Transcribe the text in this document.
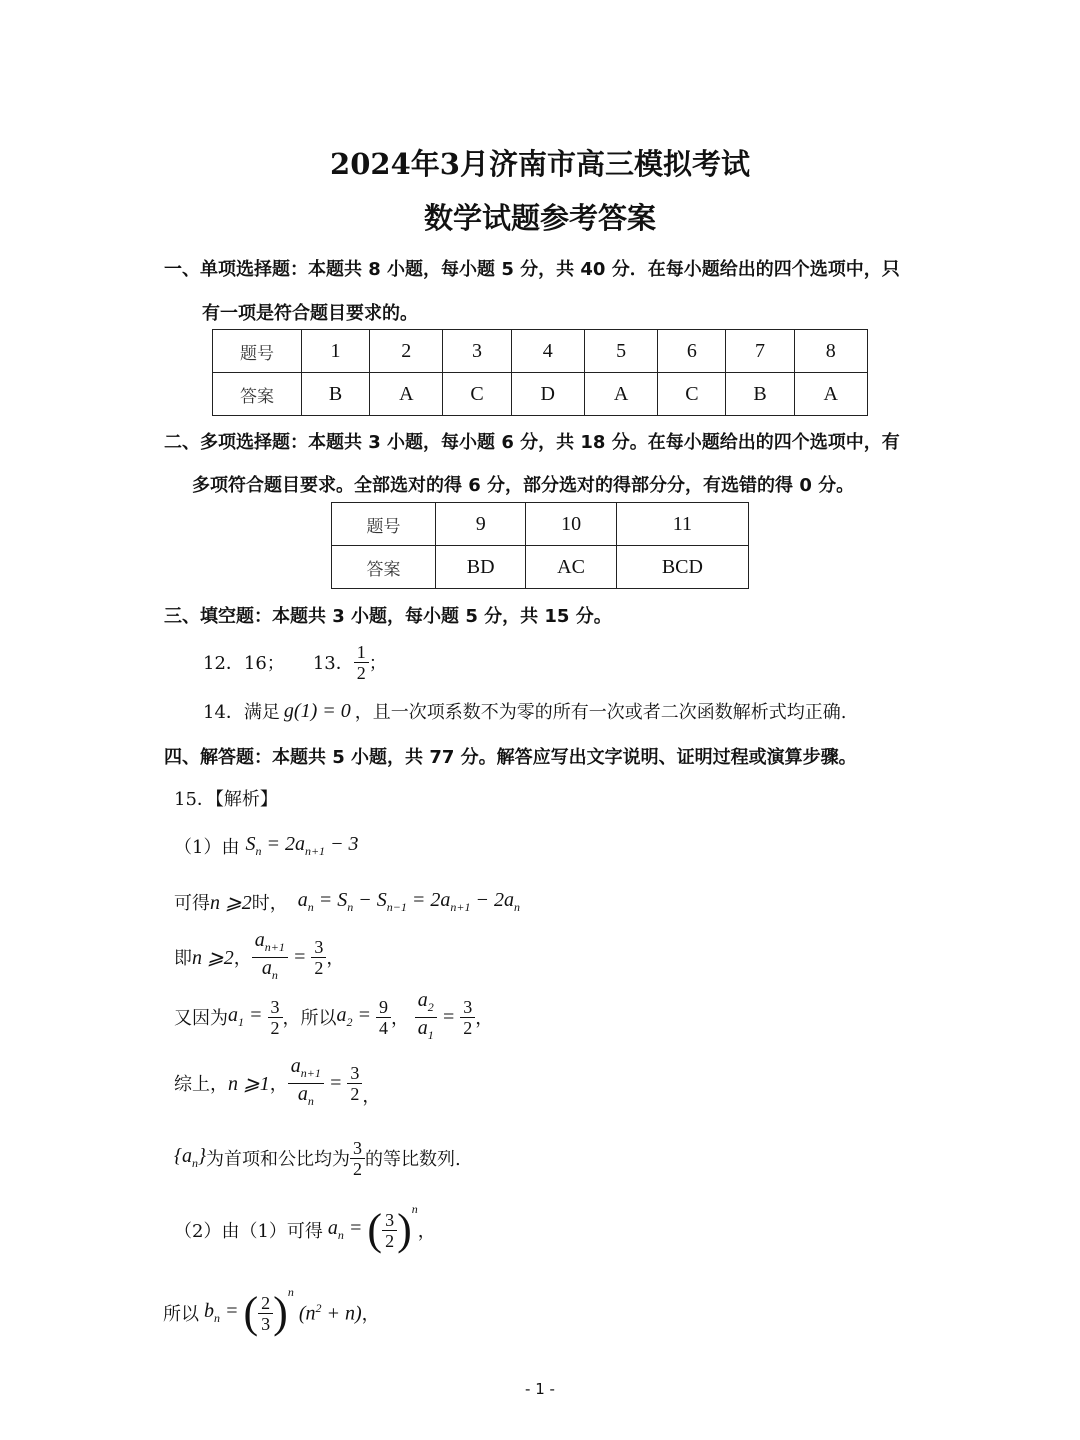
2024年3月济南市高三模拟考试
数学试题参考答案
一、单项选择题：本题共 8 小题，每小题 5 分，共 40 分．在每小题给出的四个选项中，只
有一项是符合题目要求的。
题号	1	2	3	4	5	6	7	8
答案	B	A	C	D	A	C	B	A
二、多项选择题：本题共 3 小题，每小题 6 分，共 18 分。在每小题给出的四个选项中，有
多项符合题目要求。全部选对的得 6 分，部分选对的得部分分，有选错的得 0 分。
题号	9	10	11
答案	BD	AC	BCD
三、填空题：本题共 3 小题，每小题 5 分，共 15 分。
12．16； 13． $\frac{1}{2}$ ；
14．满足 g(1) = 0 ，且一次项系数不为零的所有一次或者二次函数解析式均正确.
四、解答题：本题共 5 小题，共 77 分。解答应写出文字说明、证明过程或演算步骤。
15．【解析】
（1）由 $S_n = 2a_{n+1} - 3$
可得 n ⩾2 时， $a_n = S_n - S_{n-1} = 2a_{n+1} - 2a_n$
即 n ⩾2 ， $\frac{a_{n+1}}{a_n} = \frac{3}{2}$ ，
又因为 $a_1 = \frac{3}{2}$ ，所以 $a_2 = \frac{9}{4}$ ， $\frac{a_2}{a_1} = \frac{3}{2}$ ，
综上， n ⩾1 ， $\frac{a_{n+1}}{a_n} = \frac{3}{2}$ ，
$\{a_n\}$ 为首项和公比均为 $\frac{3}{2}$ 的等比数列.
（2）由（1）可得 $a_n$ = ( $\frac{3}{2}$ ) $^n$
，
所以 $b_n$ = ( $\frac{2}{3}$ ) $^n$
$(n^2 + n)$ ，
- 1 -
